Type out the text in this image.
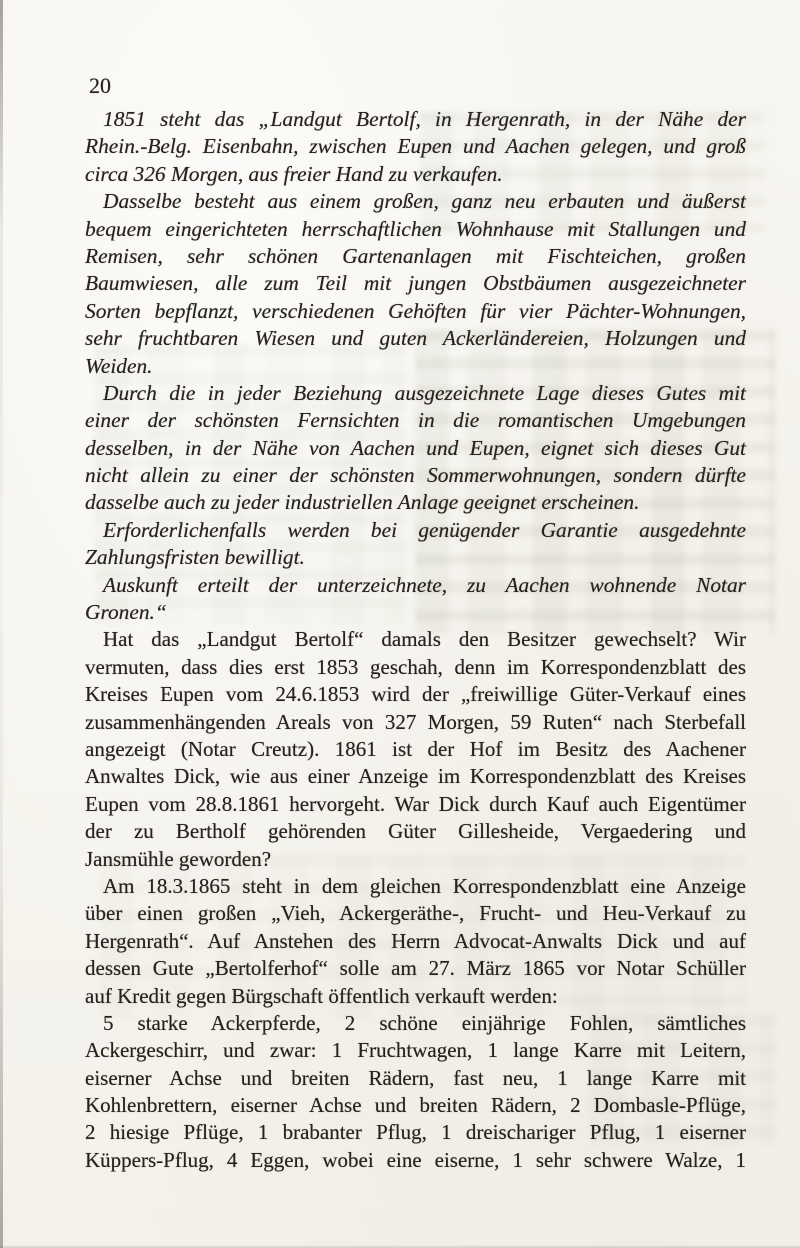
20
1851 steht das „Landgut Bertolf, in Hergenrath, in der Nähe der
Rhein.-Belg. Eisenbahn, zwischen Eupen und Aachen gelegen, und groß
circa 326 Morgen, aus freier Hand zu verkaufen.
Dasselbe besteht aus einem großen, ganz neu erbauten und äußerst
bequem eingerichteten herrschaftlichen Wohnhause mit Stallungen und
Remisen, sehr schönen Gartenanlagen mit Fischteichen, großen
Baumwiesen, alle zum Teil mit jungen Obstbäumen ausgezeichneter
Sorten bepflanzt, verschiedenen Gehöften für vier Pächter-Wohnungen,
sehr fruchtbaren Wiesen und guten Ackerländereien, Holzungen und
Weiden.
Durch die in jeder Beziehung ausgezeichnete Lage dieses Gutes mit
einer der schönsten Fernsichten in die romantischen Umgebungen
desselben, in der Nähe von Aachen und Eupen, eignet sich dieses Gut
nicht allein zu einer der schönsten Sommerwohnungen, sondern dürfte
dasselbe auch zu jeder industriellen Anlage geeignet erscheinen.
Erforderlichenfalls werden bei genügender Garantie ausgedehnte
Zahlungsfristen bewilligt.
Auskunft erteilt der unterzeichnete, zu Aachen wohnende Notar
Gronen.“
Hat das „Landgut Bertolf“ damals den Besitzer gewechselt? Wir
vermuten, dass dies erst 1853 geschah, denn im Korrespondenzblatt des
Kreises Eupen vom 24.6.1853 wird der „freiwillige Güter-Verkauf eines
zusammenhängenden Areals von 327 Morgen, 59 Ruten“ nach Sterbefall
angezeigt (Notar Creutz). 1861 ist der Hof im Besitz des Aachener
Anwaltes Dick, wie aus einer Anzeige im Korrespondenzblatt des Kreises
Eupen vom 28.8.1861 hervorgeht. War Dick durch Kauf auch Eigentümer
der zu Bertholf gehörenden Güter Gillesheide, Vergaedering und
Jansmühle geworden?
Am 18.3.1865 steht in dem gleichen Korrespondenzblatt eine Anzeige
über einen großen „Vieh, Ackergeräthe-, Frucht- und Heu-Verkauf zu
Hergenrath“. Auf Anstehen des Herrn Advocat-Anwalts Dick und auf
dessen Gute „Bertolferhof“ solle am 27. März 1865 vor Notar Schüller
auf Kredit gegen Bürgschaft öffentlich verkauft werden:
5 starke Ackerpferde, 2 schöne einjährige Fohlen, sämtliches
Ackergeschirr, und zwar: 1 Fruchtwagen, 1 lange Karre mit Leitern,
eiserner Achse und breiten Rädern, fast neu, 1 lange Karre mit
Kohlenbrettern, eiserner Achse und breiten Rädern, 2 Dombasle-Pflüge,
2 hiesige Pflüge, 1 brabanter Pflug, 1 dreischariger Pflug, 1 eiserner
Küppers-Pflug, 4 Eggen, wobei eine eiserne, 1 sehr schwere Walze, 1
